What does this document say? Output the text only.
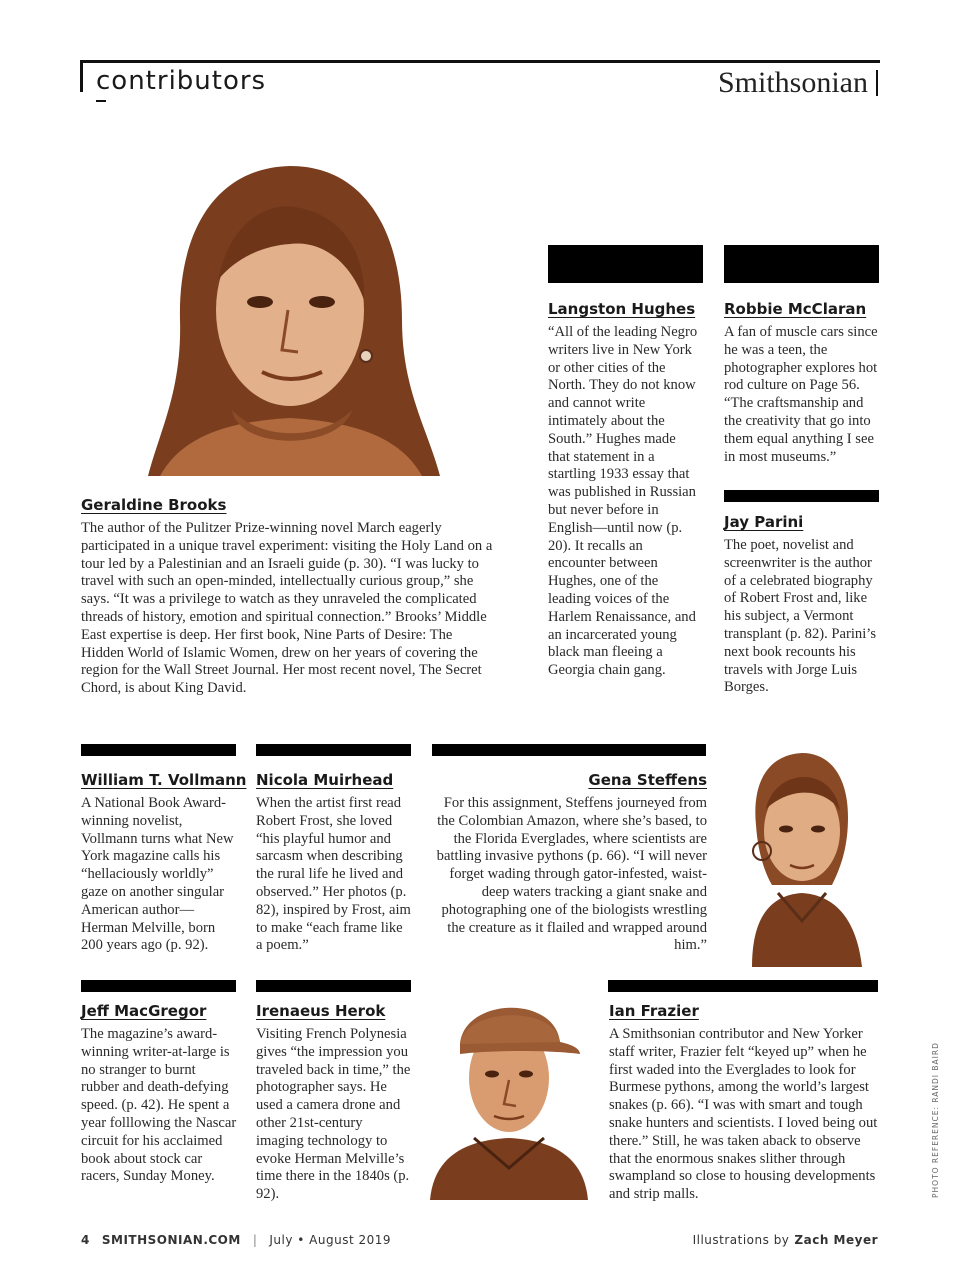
contributors	Smithsonian

Geraldine Brooks

The author of the Pulitzer Prize-winning novel March eagerly participated in a unique travel experiment: visiting the Holy Land on a tour led by a Palestinian and an Israeli guide (p. 30). “I was lucky to travel with such an open-minded, intellectually curious group,” she says. “It was a privilege to watch as they unraveled the complicated threads of history, emotion and spiritual connection.” Brooks’ Middle East expertise is deep. Her first book, Nine Parts of Desire: The Hidden World of Islamic Women, drew on her years of covering the region for the Wall Street Journal. Her most recent novel, The Secret Chord, is about King David.

Langston Hughes

“All of the leading Negro writers live in New York or other cities of the North. They do not know and cannot write intimately about the South.” Hughes made that statement in a startling 1933 essay that was published in Russian but never before in English—until now (p. 20). It recalls an encounter between Hughes, one of the leading voices of the Harlem Renaissance, and an incarcerated young black man fleeing a Georgia chain gang.

Robbie McClaran

A fan of muscle cars since he was a teen, the photographer explores hot rod culture on Page 56. “The craftsmanship and the creativity that go into them equal anything I see in most museums.”

Jay Parini

The poet, novelist and screenwriter is the author of a celebrated biography of Robert Frost and, like his subject, a Vermont transplant (p. 82). Parini’s next book recounts his travels with Jorge Luis Borges.

William T. Vollmann

A National Book Award-winning novelist, Vollmann turns what New York magazine calls his “hellaciously worldly” gaze on another singular American author—Herman Melville, born 200 years ago (p. 92).

Nicola Muirhead

When the artist first read Robert Frost, she loved “his playful humor and sarcasm when describing the rural life he lived and observed.” Her photos (p. 82), inspired by Frost, aim to make “each frame like a poem.”

Gena Steffens

For this assignment, Steffens journeyed from the Colombian Amazon, where she’s based, to the Florida Everglades, where scientists are battling invasive pythons (p. 66). “I will never forget wading through gator-infested, waist-deep waters tracking a giant snake and photographing one of the biologists wrestling the creature as it flailed and wrapped around him.”

Jeff MacGregor

The magazine’s award-winning writer-at-large is no stranger to burnt rubber and death-defying speed. (p. 42). He spent a year folllowing the Nascar circuit for his acclaimed book about stock car racers, Sunday Money.

Irenaeus Herok

Visiting French Polynesia gives “the impression you traveled back in time,” the photographer says. He used a camera drone and other 21st-century imaging technology to evoke Herman Melville’s time there in the 1840s (p. 92).

Ian Frazier

A Smithsonian contributor and New Yorker staff writer, Frazier felt “keyed up” when he first waded into the Everglades to look for Burmese pythons, among the world’s largest snakes (p. 66). “I was with smart and tough snake hunters and scientists. I loved being out there.” Still, he was taken aback to observe that the enormous snakes slither through swampland so close to housing developments and strip malls.	PHOTO REFERENCE: RANDI BAIRD
4 SMITHSONIAN.COM | July • August 2019	Illustrations by Zach Meyer
